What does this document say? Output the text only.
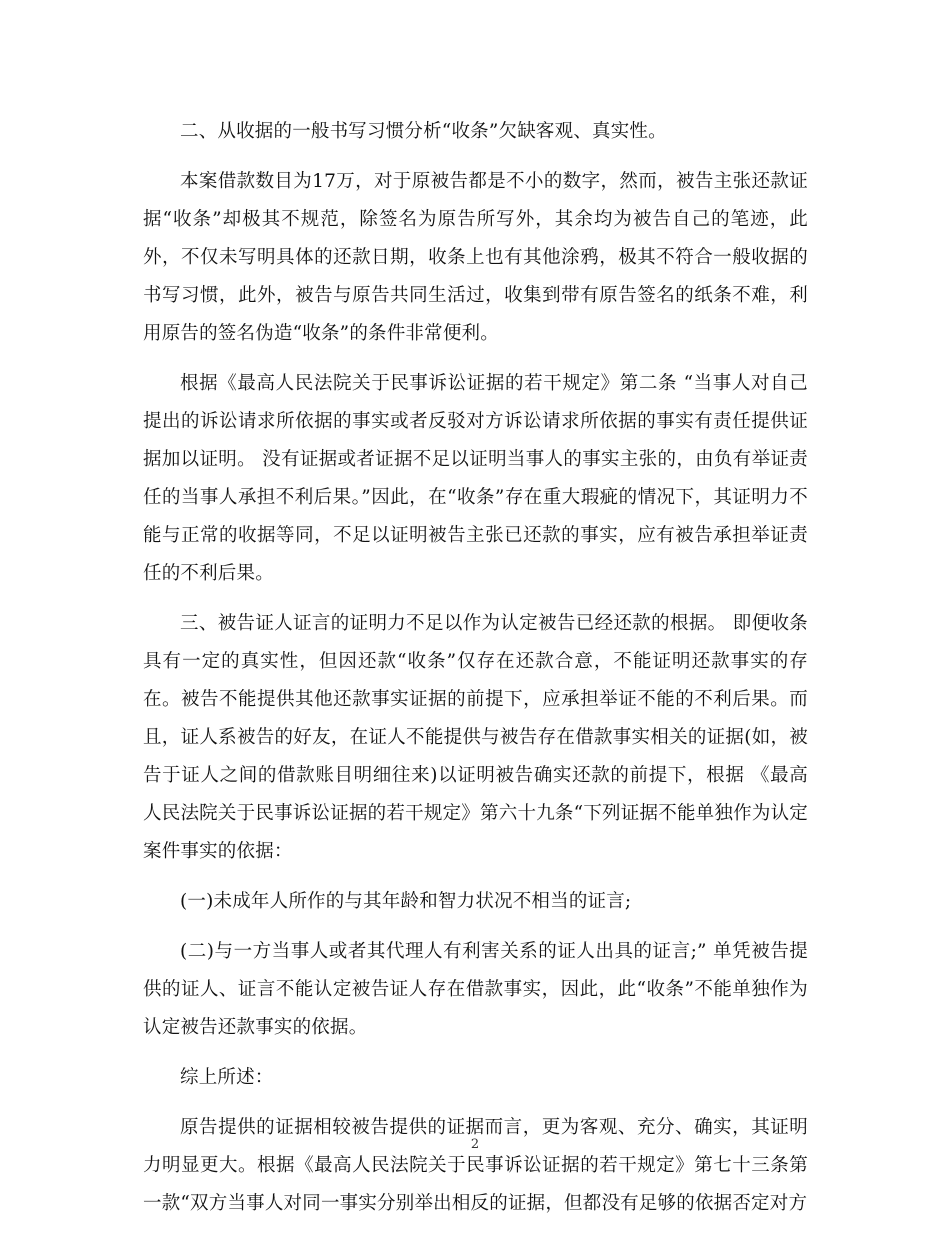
二、从收据的一般书写习惯分析“收条”欠缺客观、真实性。

本案借款数目为17万，对于原被告都是不小的数字，然而，被告主张还款证据“收条”却极其不规范，除签名为原告所写外，其余均为被告自己的笔迹，此外，不仅未写明具体的还款日期，收条上也有其他涂鸦，极其不符合一般收据的书写习惯，此外，被告与原告共同生活过，收集到带有原告签名的纸条不难，利用原告的签名伪造“收条”的条件非常便利。

根据《最高人民法院关于民事诉讼证据的若干规定》第二条 “当事人对自己提出的诉讼请求所依据的事实或者反驳对方诉讼请求所依据的事实有责任提供证据加以证明。 没有证据或者证据不足以证明当事人的事实主张的，由负有举证责任的当事人承担不利后果。”因此，在“收条”存在重大瑕疵的情况下，其证明力不能与正常的收据等同，不足以证明被告主张已还款的事实，应有被告承担举证责任的不利后果。

三、被告证人证言的证明力不足以作为认定被告已经还款的根据。 即便收条具有一定的真实性，但因还款“收条”仅存在还款合意，不能证明还款事实的存在。被告不能提供其他还款事实证据的前提下，应承担举证不能的不利后果。而且，证人系被告的好友，在证人不能提供与被告存在借款事实相关的证据(如，被告于证人之间的借款账目明细往来)以证明被告确实还款的前提下，根据 《最高人民法院关于民事诉讼证据的若干规定》第六十九条“下列证据不能单独作为认定案件事实的依据：

(一)未成年人所作的与其年龄和智力状况不相当的证言;

(二)与一方当事人或者其代理人有利害关系的证人出具的证言;” 单凭被告提供的证人、证言不能认定被告证人存在借款事实，因此，此“收条”不能单独作为认定被告还款事实的依据。

综上所述：

原告提供的证据相较被告提供的证据而言，更为客观、充分、确实，其证明力明显更大。根据《最高人民法院关于民事诉讼证据的若干规定》第七十三条第一款“双方当事人对同一事实分别举出相反的证据，但都没有足够的依据否定对方

2
